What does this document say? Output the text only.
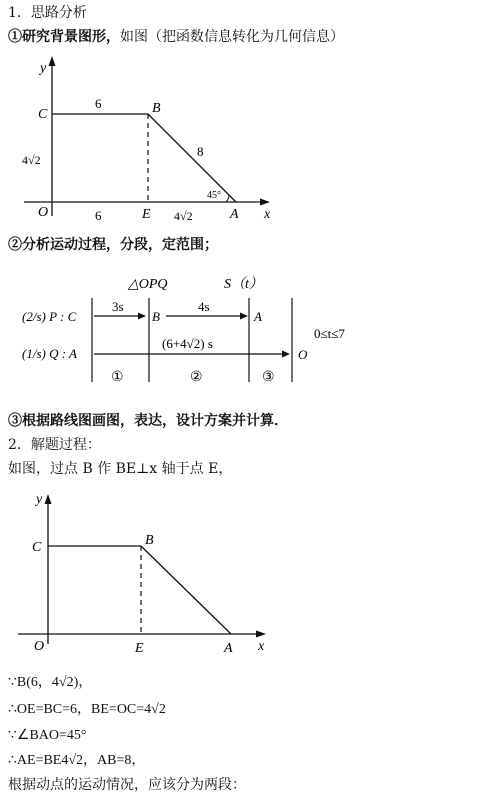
1．思路分析
①研究背景图形，如图（把函数信息转化为几何信息）
y
x
C	B
O	E	A
6
8
4√2
6	4√2
45°
②分析运动过程，分段，定范围；
△OPQ	S（t）
(2/s) P : C
3s
B
4s
A
(1/s) Q : A
(6+4√2) s
O
0≤t≤7
①	②	③
③根据路线图画图，表达，设计方案并计算．
2．解题过程：
如图，过点 B 作 BE⊥x 轴于点 E，
y
x
C	B
O	E	A
∵B(6，4√2)，
∴OE=BC=6，BE=OC=4√2
∵∠BAO=45°
∴AE=BE4√2，AB=8，
根据动点的运动情况，应该分为两段：
